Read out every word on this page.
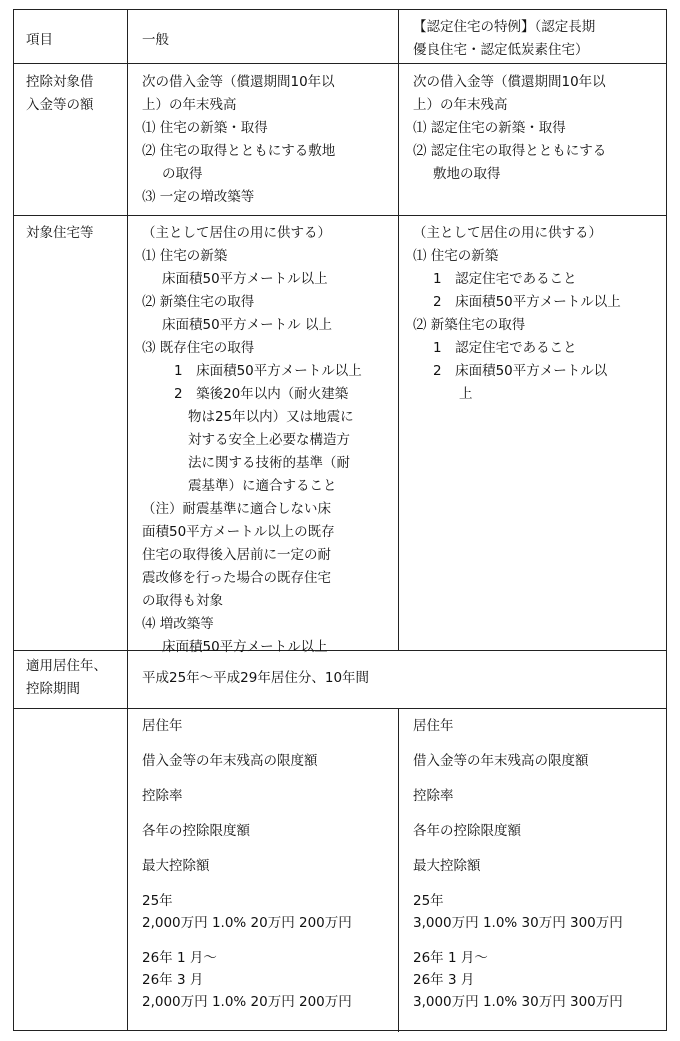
項目	一般
【認定住宅の特例】（認定長期
優良住宅・認定低炭素住宅）
控除対象借
入金等の額
次の借入金等（償還期間10年以
上）の年末残高
⑴ 住宅の新築・取得
⑵ 住宅の取得とともにする敷地
の取得
⑶ 一定の増改築等
次の借入金等（償還期間10年以
上）の年末残高
⑴ 認定住宅の新築・取得
⑵ 認定住宅の取得とともにする
敷地の取得
対象住宅等	（主として居住の用に供する）
⑴ 住宅の新築
床面積50平方メートル以上
⑵ 新築住宅の取得
床面積50平方メートル 以上
⑶ 既存住宅の取得
1　床面積50平方メートル以上
2　築後20年以内（耐火建築
物は25年以内）又は地震に
対する安全上必要な構造方
法に関する技術的基準（耐
震基準）に適合すること
（注）耐震基準に適合しない床
面積50平方メートル以上の既存
住宅の取得後入居前に一定の耐
震改修を行った場合の既存住宅
の取得も対象
⑷ 増改築等
床面積50平方メートル以上
（主として居住の用に供する）
⑴ 住宅の新築
1　認定住宅であること
2　床面積50平方メートル以上
⑵ 新築住宅の取得
1　認定住宅であること
2　床面積50平方メートル以
上
適用居住年、
控除期間
平成25年～平成29年居住分、10年間
居住年
借入金等の年末残高の限度額
控除率
各年の控除限度額
最大控除額
25年
2,000万円 1.0% 20万円 200万円
26年 1 月～
26年 3 月
2,000万円 1.0% 20万円 200万円
居住年
借入金等の年末残高の限度額
控除率
各年の控除限度額
最大控除額
25年
3,000万円 1.0% 30万円 300万円
26年 1 月～
26年 3 月
3,000万円 1.0% 30万円 300万円
